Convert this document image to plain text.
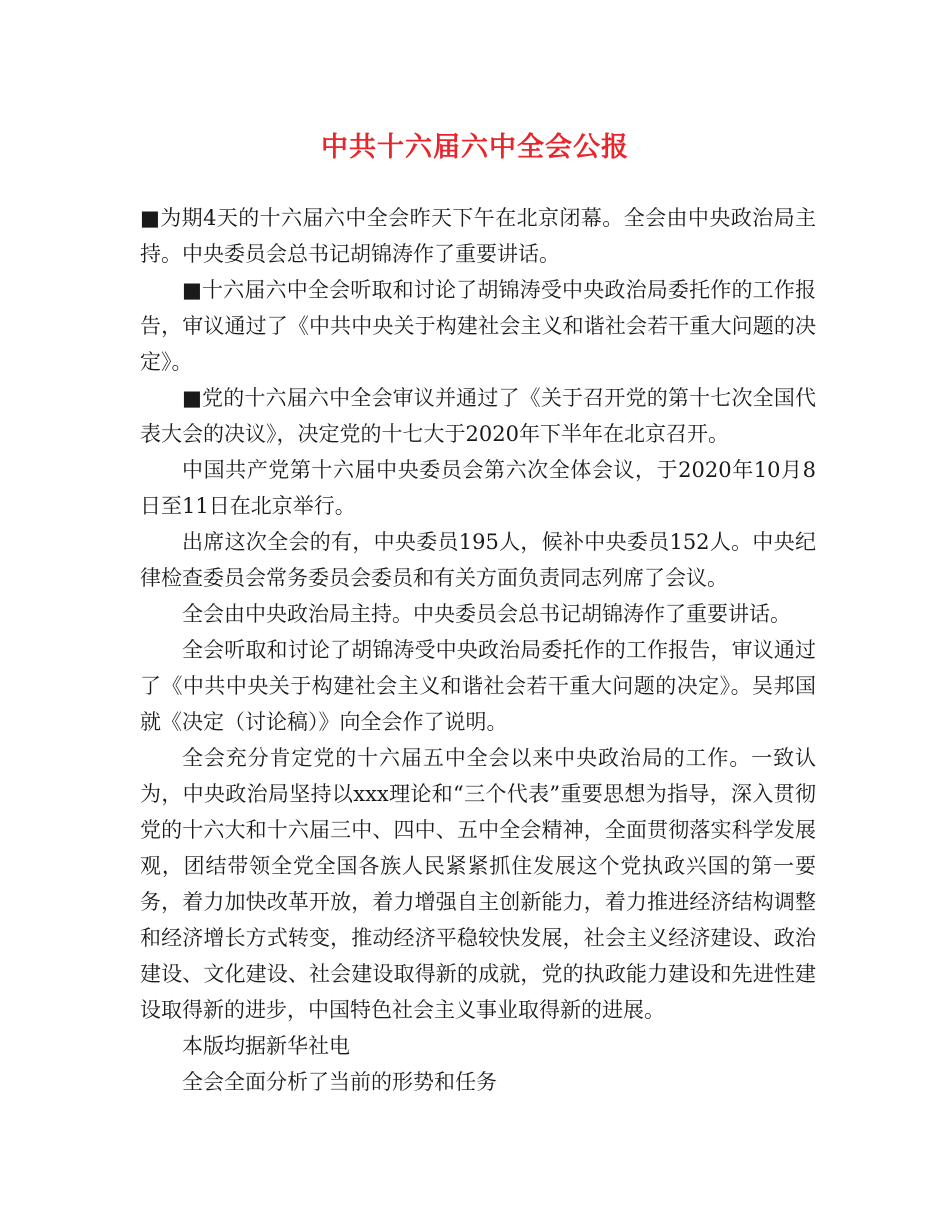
中共十六届六中全会公报

■为期4天的十六届六中全会昨天下午在北京闭幕。全会由中央政治局主持。中央委员会总书记胡锦涛作了重要讲话。

■十六届六中全会听取和讨论了胡锦涛受中央政治局委托作的工作报告，审议通过了《中共中央关于构建社会主义和谐社会若干重大问题的决定》。

■党的十六届六中全会审议并通过了《关于召开党的第十七次全国代表大会的决议》，决定党的十七大于2020年下半年在北京召开。

中国共产党第十六届中央委员会第六次全体会议，于2020年10月8日至11日在北京举行。

出席这次全会的有，中央委员195人，候补中央委员152人。中央纪律检查委员会常务委员会委员和有关方面负责同志列席了会议。

全会由中央政治局主持。中央委员会总书记胡锦涛作了重要讲话。

全会听取和讨论了胡锦涛受中央政治局委托作的工作报告，审议通过了《中共中央关于构建社会主义和谐社会若干重大问题的决定》。吴邦国就《决定（讨论稿）》向全会作了说明。

全会充分肯定党的十六届五中全会以来中央政治局的工作。一致认为，中央政治局坚持以xxx理论和“三个代表”重要思想为指导，深入贯彻党的十六大和十六届三中、四中、五中全会精神，全面贯彻落实科学发展观，团结带领全党全国各族人民紧紧抓住发展这个党执政兴国的第一要务，着力加快改革开放，着力增强自主创新能力，着力推进经济结构调整和经济增长方式转变，推动经济平稳较快发展，社会主义经济建设、政治建设、文化建设、社会建设取得新的成就，党的执政能力建设和先进性建设取得新的进步，中国特色社会主义事业取得新的进展。

本版均据新华社电

全会全面分析了当前的形势和任务
